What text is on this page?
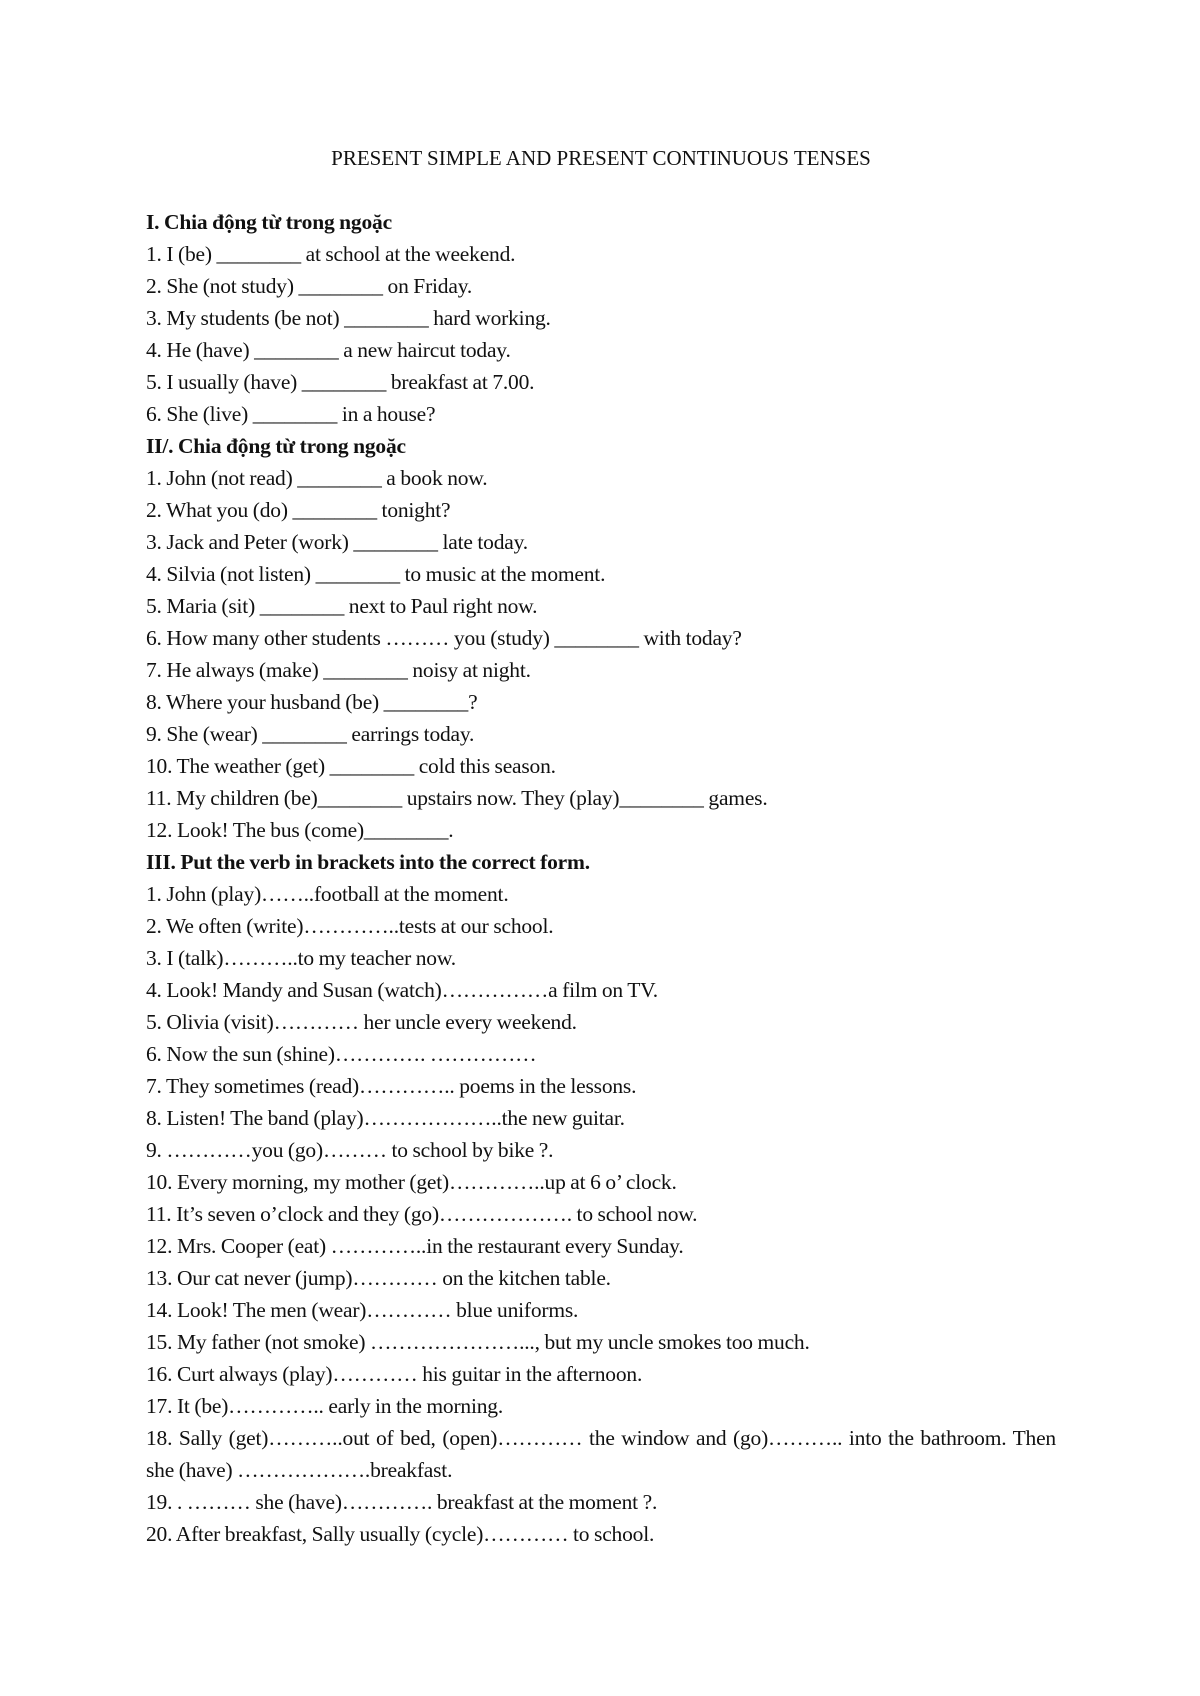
PRESENT SIMPLE AND PRESENT CONTINUOUS TENSES
I. Chia động từ trong ngoặc
1. I (be) ________ at school at the weekend.
2. She (not study) ________ on Friday.
3. My students (be not) ________ hard working.
4. He (have) ________ a new haircut today.
5. I usually (have) ________ breakfast at 7.00.
6. She (live) ________ in a house?
II/. Chia động từ trong ngoặc
1. John (not read) ________ a book now.
2. What you (do) ________ tonight?
3. Jack and Peter (work) ________ late today.
4. Silvia (not listen) ________ to music at the moment.
5. Maria (sit) ________ next to Paul right now.
6. How many other students ……… you (study) ________ with today?
7. He always (make) ________ noisy at night.
8. Where your husband (be) ________?
9. She (wear) ________ earrings today.
10. The weather (get) ________ cold this season.
11. My children (be)________ upstairs now. They (play)________ games.
12. Look! The bus (come)________.
III. Put the verb in brackets into the correct form.
1. John (play)……..football at the moment.
2. We often (write)…………..tests at our school.
3. I (talk)………..to my teacher now.
4. Look! Mandy and Susan (watch)……………a film on TV.
5. Olivia (visit)………… her uncle every weekend.
6. Now the sun (shine)…………. ……………
7. They sometimes (read)………….. poems in the lessons.
8. Listen! The band (play)………………..the new guitar.
9. …………you (go)……… to school by bike ?.
10. Every morning, my mother (get)…………..up at 6 o’ clock.
11. It’s seven o’clock and they (go)………………. to school now.
12. Mrs. Cooper (eat) …………..in the restaurant every Sunday.
13. Our cat never (jump)………… on the kitchen table.
14. Look! The men (wear)………… blue uniforms.
15. My father (not smoke) …………………..., but my uncle smokes too much.
16. Curt always (play)………… his guitar in the afternoon.
17. It (be)………….. early in the morning.
18. Sally (get)………..out of bed, (open)………… the window and (go)……….. into the bathroom. Then she (have) ……………….breakfast.
19. . ……… she (have)…………. breakfast at the moment ?.
20. After breakfast, Sally usually (cycle)………… to school.
